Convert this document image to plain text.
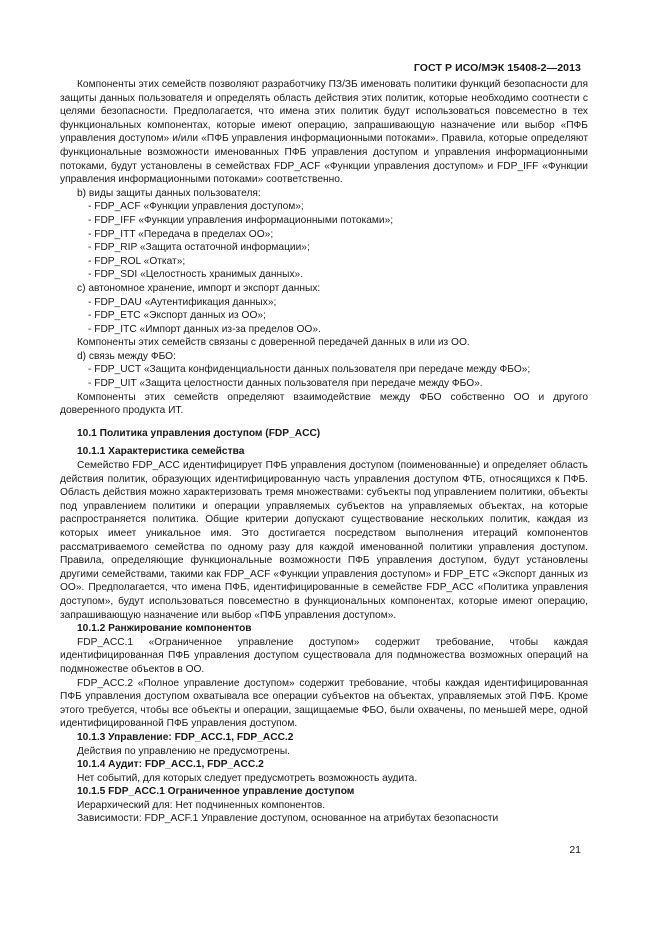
ГОСТ Р ИСО/МЭК 15408-2—2013

Компоненты этих семейств позволяют разработчику ПЗ/ЗБ именовать политики функций безопасности для защиты данных пользователя и определять область действия этих политик, которые необходимо соотнести с целями безопасности. Предполагается, что имена этих политик будут использоваться повсеместно в тех функциональных компонентах, которые имеют операцию, запрашивающую назначение или выбор «ПФБ управления доступом» и/или «ПФБ управления информационными потоками». Правила, которые определяют функциональные возможности именованных ПФБ управления доступом и управления информационными потоками, будут установлены в семействах FDP_ACF «Функции управления доступом» и FDP_IFF «Функции управления информационными потоками» соответственно.

b) виды защиты данных пользователя:

- FDP_ACF «Функции управления доступом»;

- FDP_IFF «Функции управления информационными потоками»;

- FDP_ITT «Передача в пределах ОО»;

- FDP_RIP «Защита остаточной информации»;

- FDP_ROL «Откат»;

- FDP_SDI «Целостность хранимых данных».

c) автономное хранение, импорт и экспорт данных:

- FDP_DAU «Аутентификация данных»;

- FDP_ETC «Экспорт данных из ОО»;

- FDP_ITC «Импорт данных из-за пределов ОО».

Компоненты этих семейств связаны с доверенной передачей данных в или из ОО.

d) связь между ФБО:

- FDP_UCT «Защита конфиденциальности данных пользователя при передаче между ФБО»;

- FDP_UIT «Защита целостности данных пользователя при передаче между ФБО».

Компоненты этих семейств определяют взаимодействие между ФБО собственно ОО и другого доверенного продукта ИТ.

10.1 Политика управления доступом (FDP_ACC)

10.1.1 Характеристика семейства

Семейство FDP_ACC идентифицирует ПФБ управления доступом (поименованные) и определяет область действия политик, образующих идентифицированную часть управления доступом ФТБ, относящихся к ПФБ. Область действия можно характеризовать тремя множествами: субъекты под управлением политики, объекты под управлением политики и операции управляемых субъектов на управляемых объектах, на которые распространяется политика. Общие критерии допускают существование нескольких политик, каждая из которых имеет уникальное имя. Это достигается посредством выполнения итераций компонентов рассматриваемого семейства по одному разу для каждой именованной политики управления доступом. Правила, определяющие функциональные возможности ПФБ управления доступом, будут установлены другими семействами, такими как FDP_ACF «Функции управления доступом» и FDP_ETC «Экспорт данных из ОО». Предполагается, что имена ПФБ, идентифицированные в семействе FDP_ACC «Политика управления доступом», будут использоваться повсеместно в функциональных компонентах, которые имеют операцию, запрашивающую назначение или выбор «ПФБ управления доступом».

10.1.2 Ранжирование компонентов

FDP_ACC.1 «Ограниченное управление доступом» содержит требование, чтобы каждая идентифицированная ПФБ управления доступом существовала для подмножества возможных операций на подмножестве объектов в ОО.

FDP_ACC.2 «Полное управление доступом» содержит требование, чтобы каждая идентифицированная ПФБ управления доступом охватывала все операции субъектов на объектах, управляемых этой ПФБ. Кроме этого требуется, чтобы все объекты и операции, защищаемые ФБО, были охвачены, по меньшей мере, одной идентифицированной ПФБ управления доступом.

10.1.3 Управление: FDP_ACC.1, FDP_ACC.2

Действия по управлению не предусмотрены.

10.1.4 Аудит: FDP_ACC.1, FDP_ACC.2

Нет событий, для которых следует предусмотреть возможность аудита.

10.1.5 FDP_ACC.1 Ограниченное управление доступом

Иерархический для: Нет подчиненных компонентов.

Зависимости: FDP_ACF.1 Управление доступом, основанное на атрибутах безопасности

21
